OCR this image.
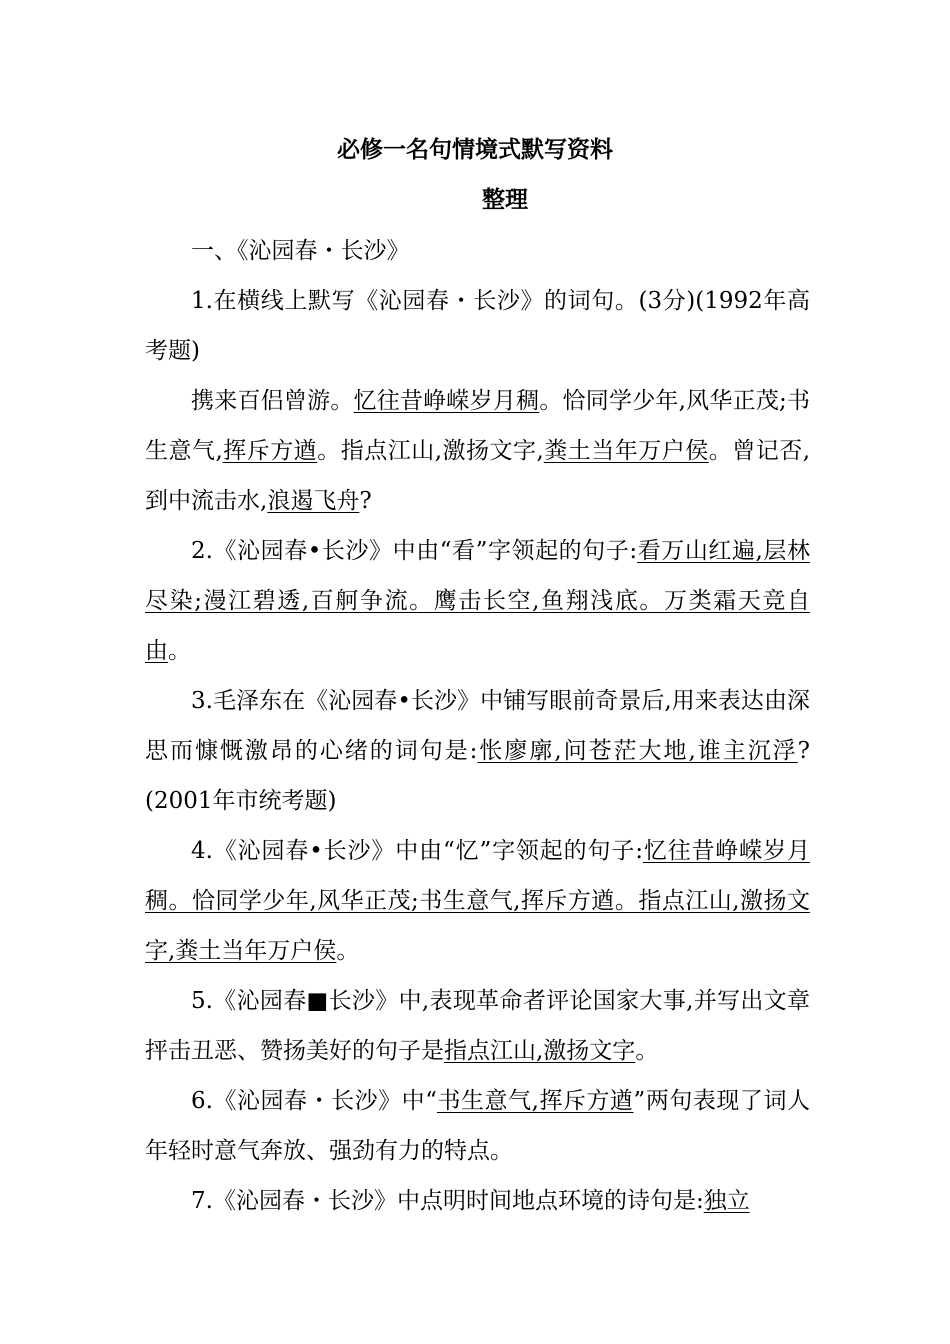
必修一名句情境式默写资料
整理

一、《沁园春・长沙》

1.在横线上默写《沁园春・长沙》的词句。(3分)(1992年高考题)

携来百侣曾游。忆往昔峥嵘岁月稠。恰同学少年,风华正茂;书生意气,挥斥方遒。指点江山,激扬文字,粪土当年万户侯。曾记否,到中流击水,浪遏飞舟?

2.《沁园春•长沙》中由“看”字领起的句子:看万山红遍,层林尽染;漫江碧透,百舸争流。鹰击长空,鱼翔浅底。万类霜天竞自由。

3.毛泽东在《沁园春•长沙》中铺写眼前奇景后,用来表达由深思而慷慨激昂的心绪的词句是:怅廖廓,问苍茫大地,谁主沉浮?(2001年市统考题)

4.《沁园春•长沙》中由“忆”字领起的句子:忆往昔峥嵘岁月稠。恰同学少年,风华正茂;书生意气,挥斥方遒。指点江山,激扬文字,粪土当年万户侯。

5.《沁园春■长沙》中,表现革命者评论国家大事,并写出文章抨击丑恶、赞扬美好的句子是指点江山,激扬文字。

6.《沁园春・长沙》中“书生意气,挥斥方遒”两句表现了词人年轻时意气奔放、强劲有力的特点。

7.《沁园春・长沙》中点明时间地点环境的诗句是:独立
